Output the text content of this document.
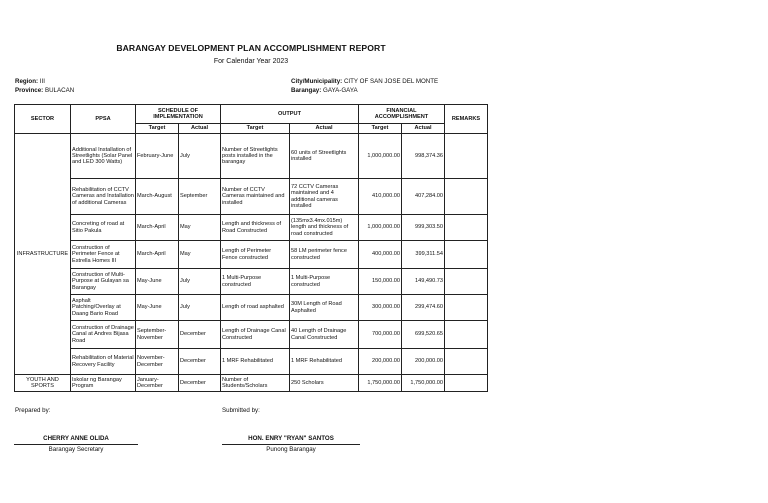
BARANGAY DEVELOPMENT PLAN ACCOMPLISHMENT REPORT
For Calendar Year 2023
Region: III
Province: BULACAN
City/Municipality: CITY OF SAN JOSE DEL MONTE
Barangay: GAYA-GAYA
SECTOR	PPSA	SCHEDULE OF IMPLEMENTATION		OUTPUT		FINANCIAL ACCOMPLISHMENT		REMARKS
		Target	Actual	Target	Actual	Target	Actual	
INFRASTRUCTURE	Additional Installation of Streetlights (Solar Panel and LED 300 Watts)	February-June	July	Number of Streetlights posts installed in the barangay	60 units of Streetlights installed	1,000,000.00	998,374.36	
	Rehabilitation of CCTV Cameras and Installation of additional Cameras	March-August	September	Number of CCTV Cameras maintained and installed	72 CCTV Cameras maintained and 4 additional cameras installed	410,000.00	407,284.00	
	Concreting of road at Sitio Pakula	March-April	May	Length and thickness of Road Constructed	(135mx3.4mx.015m) length and thickness of road constructed	1,000,000.00	999,303.50	
	Construction of Perimeter Fence at Estrella Homes III	March-April	May	Length of Perimeter Fence constructed	58 LM perimeter fence constructed	400,000.00	399,311.54	
	Construction of Multi-Purpose at Gulayan sa Barangay	May-June	July	1 Multi-Purpose constructed	1 Multi-Purpose constructed	150,000.00	149,490.73	
	Asphalt Patching/Overlay at Daang Bario Road	May-June	July	Length of road asphalted	30M Length of Road Asphalted	300,000.00	299,474.60	
	Construction of Drainage Canal at Andres Bijasa Road	September-November	December	Length of Drainage Canal Constructed	40 Length of Drainage Canal Constructed	700,000.00	699,520.65	
	Rehabilitation of Material Recovery Facility	November-December	December	1 MRF Rehabilitated	1 MRF Rehabilitated	200,000.00	200,000.00	
YOUTH AND SPORTS	Iskolar ng Barangay Program	January-December	December	Number of Students/Scholars	250 Scholars	1,750,000.00	1,750,000.00	
Prepared by:	Submitted by:
CHERRY ANNE OLIDA
Barangay Secretary
HON. ENRY "RYAN" SANTOS
Punong Barangay
